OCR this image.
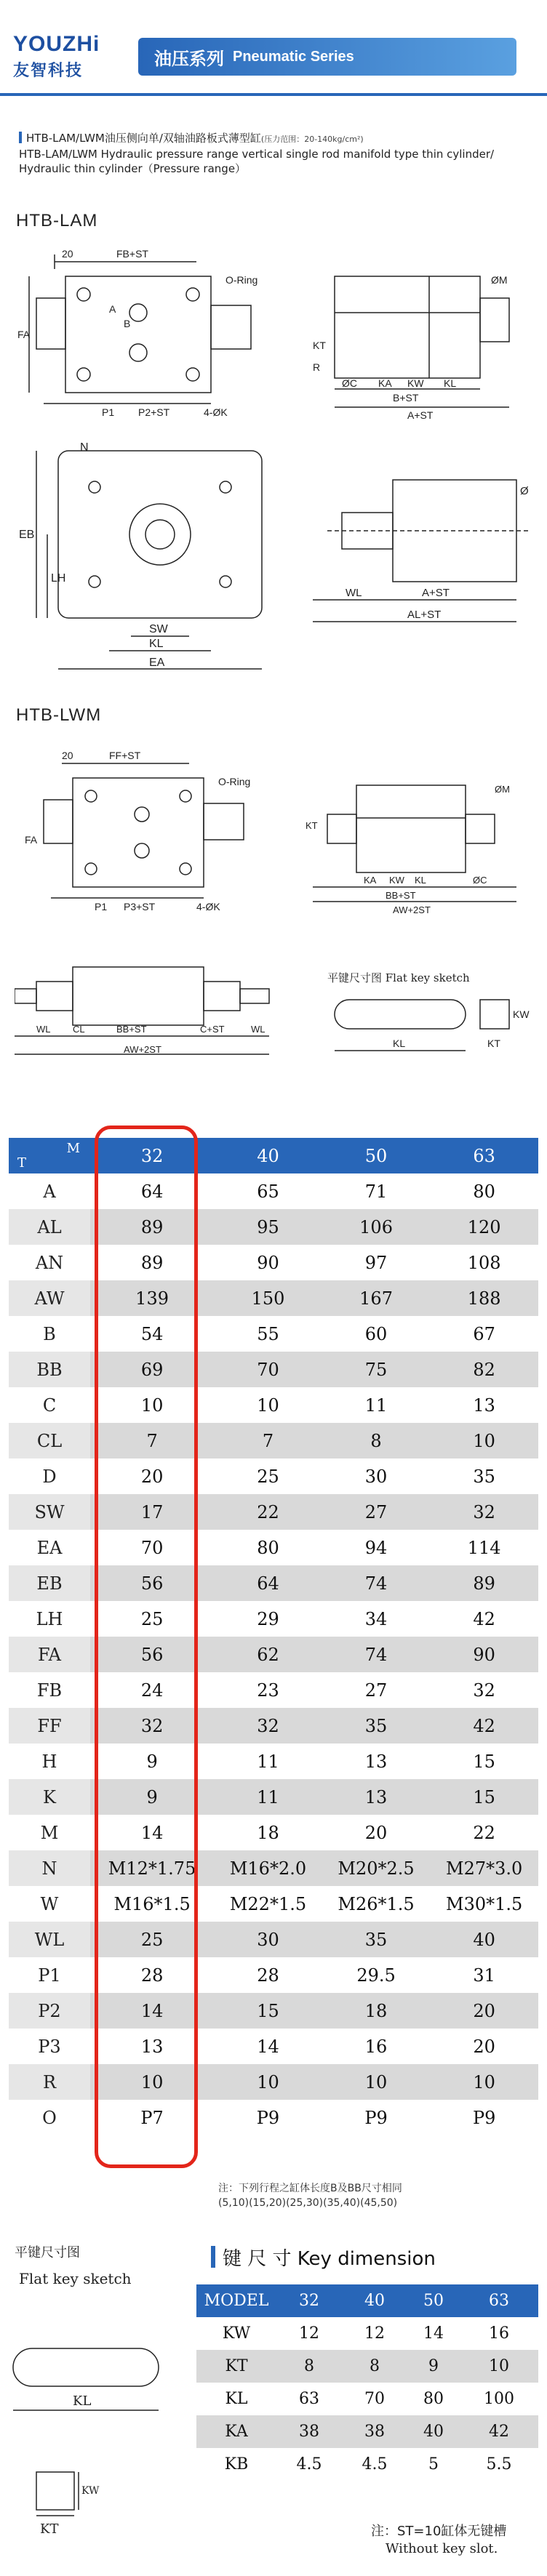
YOUZHi
友智科技
油压系列 Pneumatic Series
HTB-LAM/LWM油压侧向单/双轴油路板式薄型缸(压力范围：20-140kg/cm²)
HTB-LAM/LWM Hydraulic pressure range vertical single rod manifold type thin cylinder/
Hydraulic thin cylinder（Pressure range）
HTB-LAM
20	FB+ST
O-Ring
A
B
FA
P1 P2+ST	4-ØK
ØM
KT
R
ØC KA KW KL
B+ST
A+ST
N
EB
LH
SW
KL
EA
Ø
WL	A+ST
AL+ST
HTB-LWM
20	FF+ST
O-Ring
FA
P1 P3+ST	4-ØK
ØM
KT
KA KW KL	ØC
BB+ST
AW+2ST
WL CL	BB+ST	C+ST	WL
AW+2ST
平键尺寸图 Flat key sketch
KL
KW
KT
M
T	32	40	50	63
A	64	65	71	80
AL	89	95	106	120
AN	89	90	97	108
AW	139	150	167	188
B	54	55	60	67
BB	69	70	75	82
C	10	10	11	13
CL	7	7	8	10
D	20	25	30	35
SW	17	22	27	32
EA	70	80	94	114
EB	56	64	74	89
LH	25	29	34	42
FA	56	62	74	90
FB	24	23	27	32
FF	32	32	35	42
H	9	11	13	15
K	9	11	13	15
M	14	18	20	22
N	M12*1.75	M16*2.0	M20*2.5	M27*3.0
W	M16*1.5	M22*1.5	M26*1.5	M30*1.5
WL	25	30	35	40
P1	28	28	29.5	31
P2	14	15	18	20
P3	13	14	16	20
R	10	10	10	10
O	P7	P9	P9	P9
注：下列行程之缸体长度B及BB尺寸相同
(5,10)(15,20)(25,30)(35,40)(45,50)
平键尺寸图
Flat key sketch
KL
KW
KT
键 尺 寸 Key dimension
MODEL	32	40	50	63
KW	12	12	14	16
KT	8	8	9	10
KL	63	70	80	100
KA	38	38	40	42
KB	4.5	4.5	5	5.5
注：ST=10缸体无键槽
Without key slot.
